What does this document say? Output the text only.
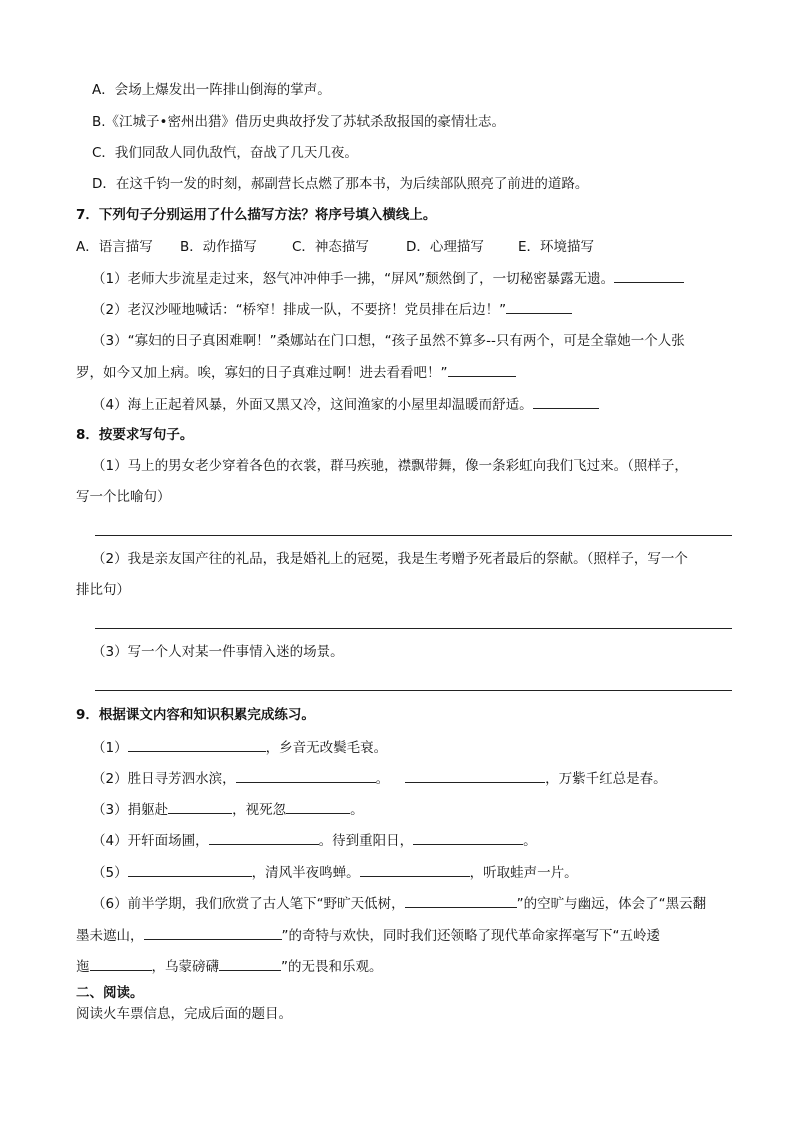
A．会场上爆发出一阵排山倒海的掌声。
B.《江城子•密州出猎》借历史典故抒发了苏轼杀敌报国的豪情壮志。
C．我们同敌人同仇敌忾，奋战了几天几夜。
D．在这千钧一发的时刻，郝副营长点燃了那本书，为后续部队照亮了前进的道路。
7．下列句子分别运用了什么描写方法？将序号填入横线上。
A．语言描写 B．动作描写	C．神态描写	D．心理描写	E．环境描写
（1）老师大步流星走过来，怒气冲冲伸手一拂，“屏风”颓然倒了，一切秘密暴露无遗。
（2）老汉沙哑地喊话：“桥窄！排成一队，不要挤！党员排在后边！”
（3）“寡妇的日子真困难啊！”桑娜站在门口想，“孩子虽然不算多--只有两个，可是全靠她一个人张
罗，如今又加上病。唉，寡妇的日子真难过啊！进去看看吧！”
（4）海上正起着风暴，外面又黑又冷，这间渔家的小屋里却温暖而舒适。
8．按要求写句子。
（1）马上的男女老少穿着各色的衣裳，群马疾驰，襟飘带舞，像一条彩虹向我们飞过来。（照样子，
写一个比喻句）
（2）我是亲友国产往的礼品，我是婚礼上的冠冕，我是生考赠予死者最后的祭献。（照样子，写一个
排比句）
（3）写一个人对某一件事情入迷的场景。
9．根据课文内容和知识积累完成练习。
（1）	，乡音无改鬓毛衰。
（2）胜日寻芳泗水滨，	。	，万紫千红总是春。
（3）捐躯赴	，视死忽	。
（4）开轩面场圃，	。待到重阳日，	。
（5）	，清风半夜鸣蝉。	，听取蛙声一片。
（6）前半学期，我们欣赏了古人笔下“野旷天低树，	”的空旷与幽远，体会了“黑云翻
墨未遮山，	”的奇特与欢快，同时我们还领略了现代革命家挥毫写下“五岭逶
迤	，乌蒙磅礴	”的无畏和乐观。
二、阅读。
阅读火车票信息，完成后面的题目。
